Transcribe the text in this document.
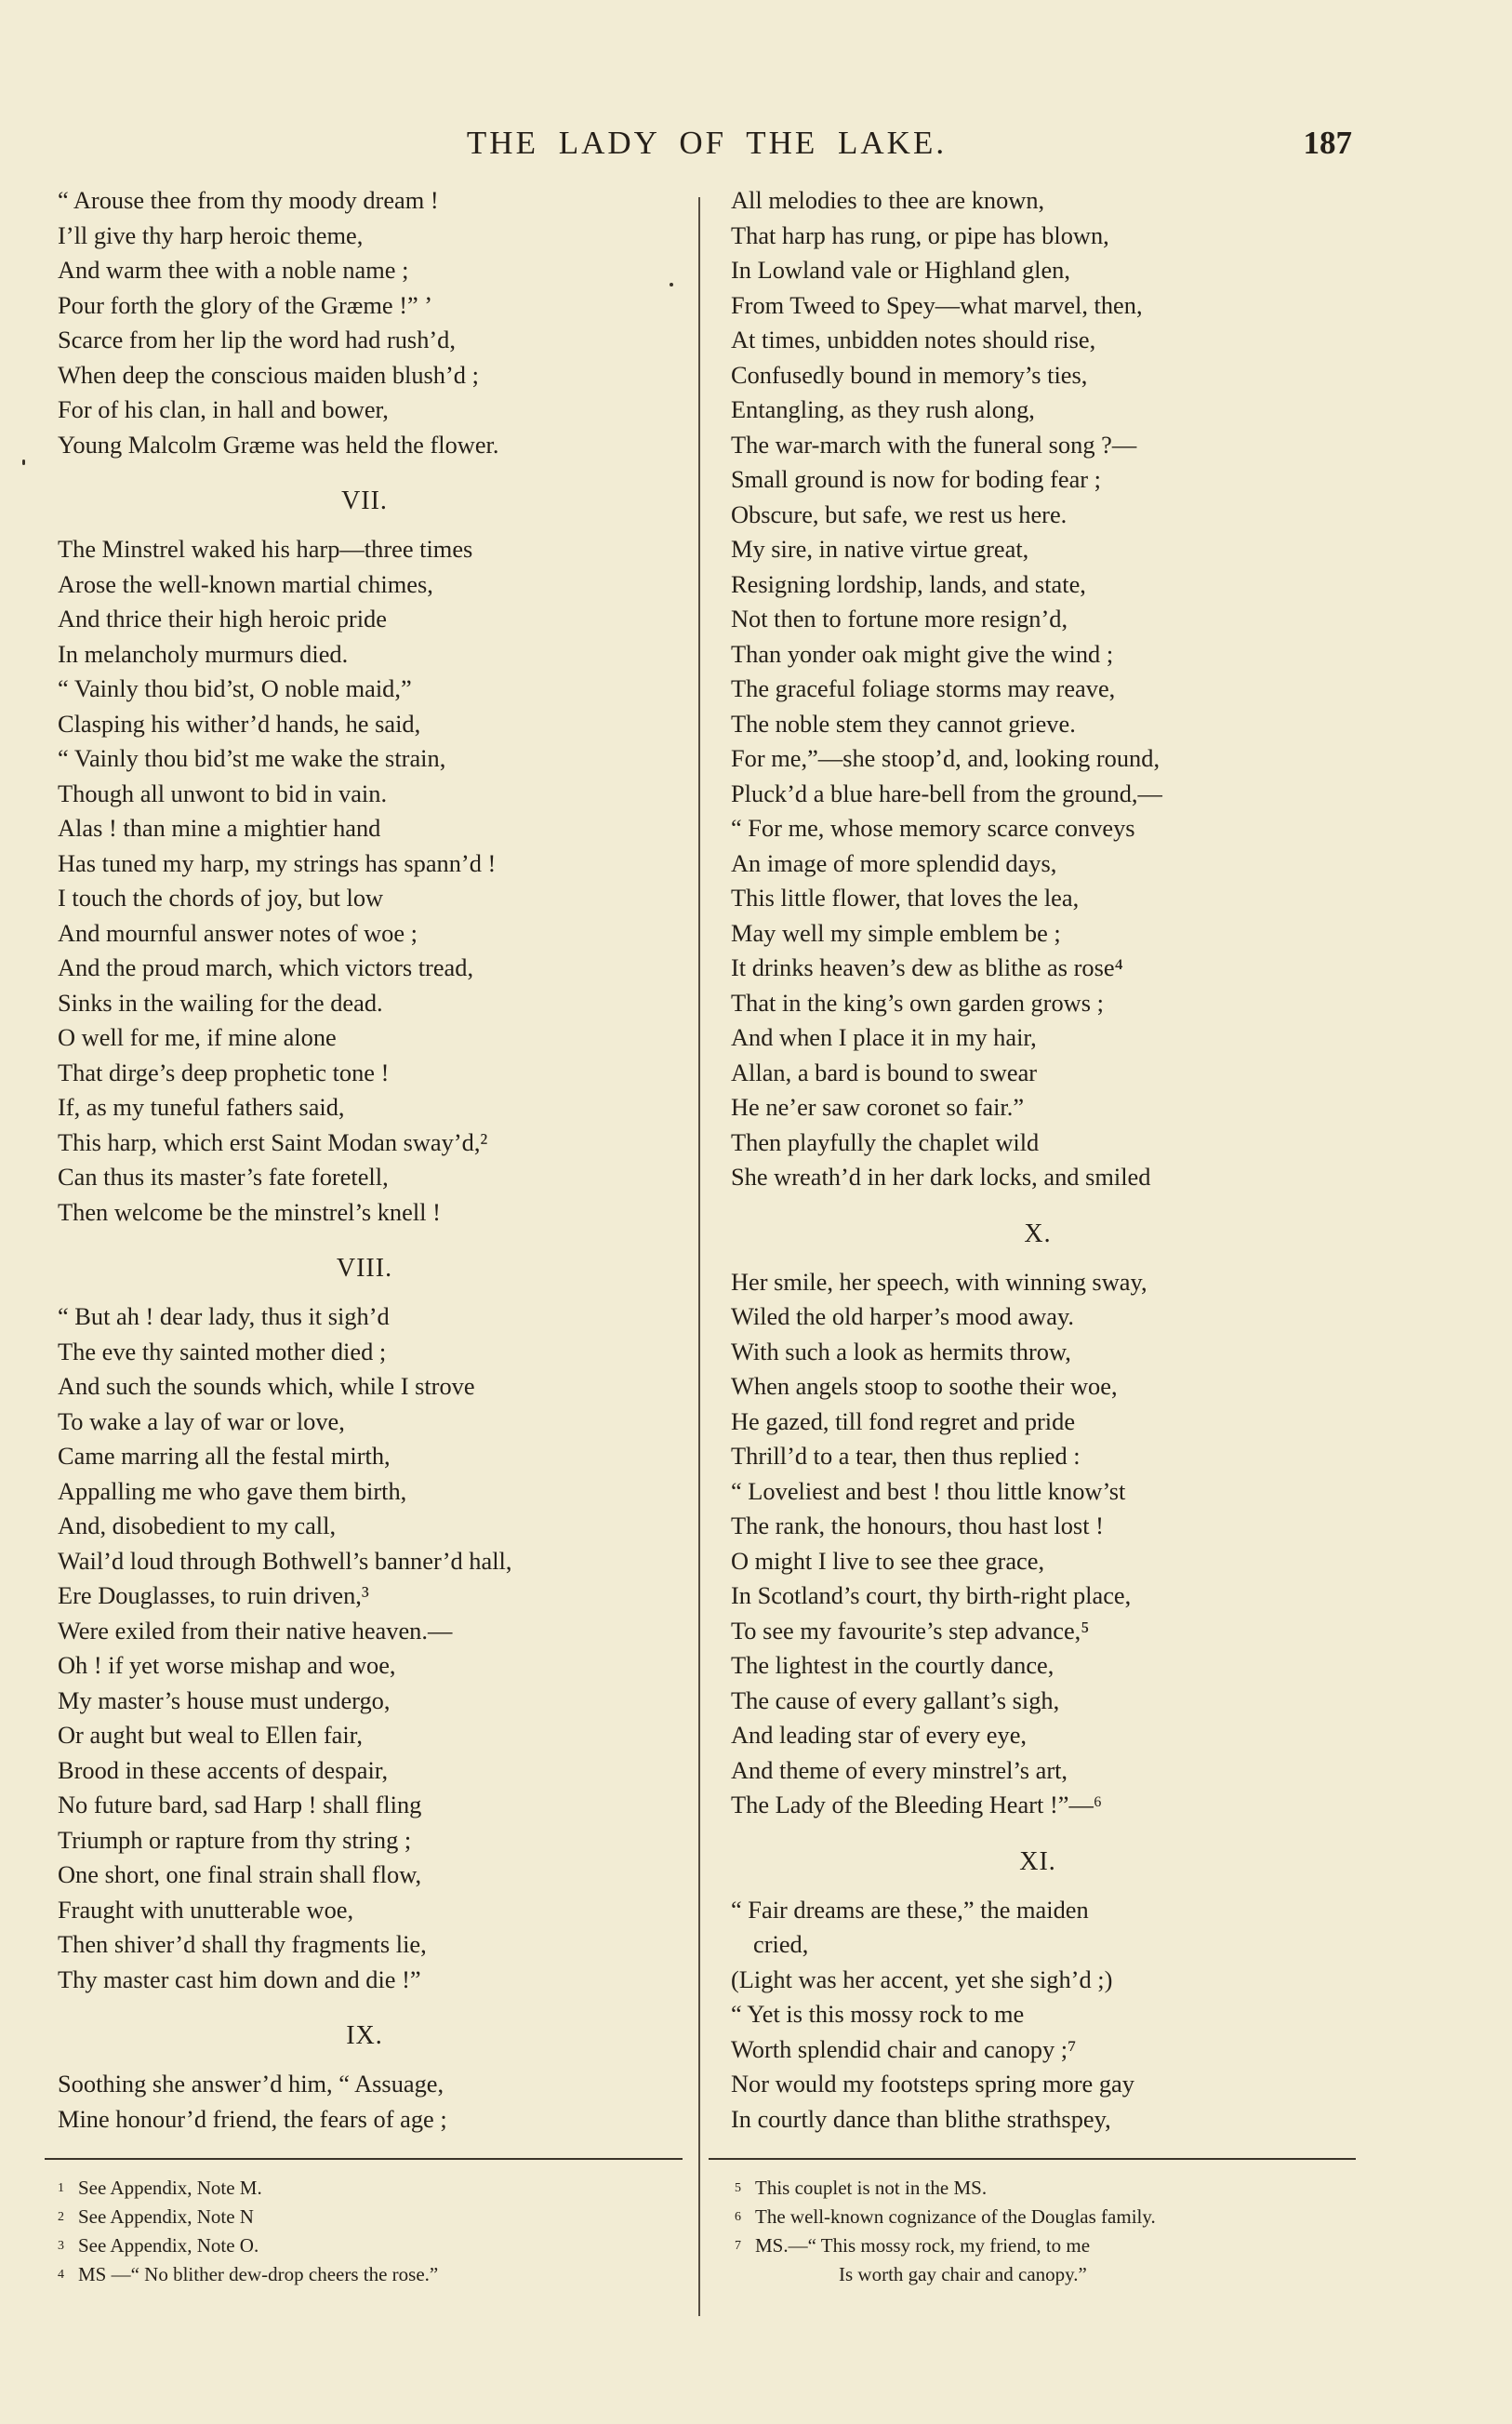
THE LADY OF THE LAKE.	187
“ Arouse thee from thy moody dream !
I’ll give thy harp heroic theme,
And warm thee with a noble name ;
Pour forth the glory of the Græme !” ’
Scarce from her lip the word had rush’d,
When deep the conscious maiden blush’d ;
For of his clan, in hall and bower,
Young Malcolm Græme was held the flower.
VII.
The Minstrel waked his harp—three times
Arose the well-known martial chimes,
And thrice their high heroic pride
In melancholy murmurs died.
“ Vainly thou bid’st, O noble maid,”
Clasping his wither’d hands, he said,
“ Vainly thou bid’st me wake the strain,
Though all unwont to bid in vain.
Alas ! than mine a mightier hand
Has tuned my harp, my strings has spann’d !
I touch the chords of joy, but low
And mournful answer notes of woe ;
And the proud march, which victors tread,
Sinks in the wailing for the dead.
O well for me, if mine alone
That dirge’s deep prophetic tone !
If, as my tuneful fathers said,
This harp, which erst Saint Modan sway’d,²
Can thus its master’s fate foretell,
Then welcome be the minstrel’s knell !
VIII.
“ But ah ! dear lady, thus it sigh’d
The eve thy sainted mother died ;
And such the sounds which, while I strove
To wake a lay of war or love,
Came marring all the festal mirth,
Appalling me who gave them birth,
And, disobedient to my call,
Wail’d loud through Bothwell’s banner’d hall,
Ere Douglasses, to ruin driven,³
Were exiled from their native heaven.—
Oh ! if yet worse mishap and woe,
My master’s house must undergo,
Or aught but weal to Ellen fair,
Brood in these accents of despair,
No future bard, sad Harp ! shall fling
Triumph or rapture from thy string ;
One short, one final strain shall flow,
Fraught with unutterable woe,
Then shiver’d shall thy fragments lie,
Thy master cast him down and die !”
IX.
Soothing she answer’d him, “ Assuage,
Mine honour’d friend, the fears of age ;
All melodies to thee are known,
That harp has rung, or pipe has blown,
In Lowland vale or Highland glen,
From Tweed to Spey—what marvel, then,
At times, unbidden notes should rise,
Confusedly bound in memory’s ties,
Entangling, as they rush along,
The war-march with the funeral song ?—
Small ground is now for boding fear ;
Obscure, but safe, we rest us here.
My sire, in native virtue great,
Resigning lordship, lands, and state,
Not then to fortune more resign’d,
Than yonder oak might give the wind ;
The graceful foliage storms may reave,
The noble stem they cannot grieve.
For me,”—she stoop’d, and, looking round,
Pluck’d a blue hare-bell from the ground,—
“ For me, whose memory scarce conveys
An image of more splendid days,
This little flower, that loves the lea,
May well my simple emblem be ;
It drinks heaven’s dew as blithe as rose⁴
That in the king’s own garden grows ;
And when I place it in my hair,
Allan, a bard is bound to swear
He ne’er saw coronet so fair.”
Then playfully the chaplet wild
She wreath’d in her dark locks, and smiled
X.
Her smile, her speech, with winning sway,
Wiled the old harper’s mood away.
With such a look as hermits throw,
When angels stoop to soothe their woe,
He gazed, till fond regret and pride
Thrill’d to a tear, then thus replied :
“ Loveliest and best ! thou little know’st
The rank, the honours, thou hast lost !
O might I live to see thee grace,
In Scotland’s court, thy birth-right place,
To see my favourite’s step advance,⁵
The lightest in the courtly dance,
The cause of every gallant’s sigh,
And leading star of every eye,
And theme of every minstrel’s art,
The Lady of the Bleeding Heart !”—⁶
XI.
“ Fair dreams are these,” the maiden
cried,
(Light was her accent, yet she sigh’d ;)
“ Yet is this mossy rock to me
Worth splendid chair and canopy ;⁷
Nor would my footsteps spring more gay
In courtly dance than blithe strathspey,
1 See Appendix, Note M.
2 See Appendix, Note N
3 See Appendix, Note O.
4 MS —“ No blither dew-drop cheers the rose.”
5 This couplet is not in the MS.
6 The well-known cognizance of the Douglas family.
7 MS.—“ This mossy rock, my friend, to me
Is worth gay chair and canopy.”
